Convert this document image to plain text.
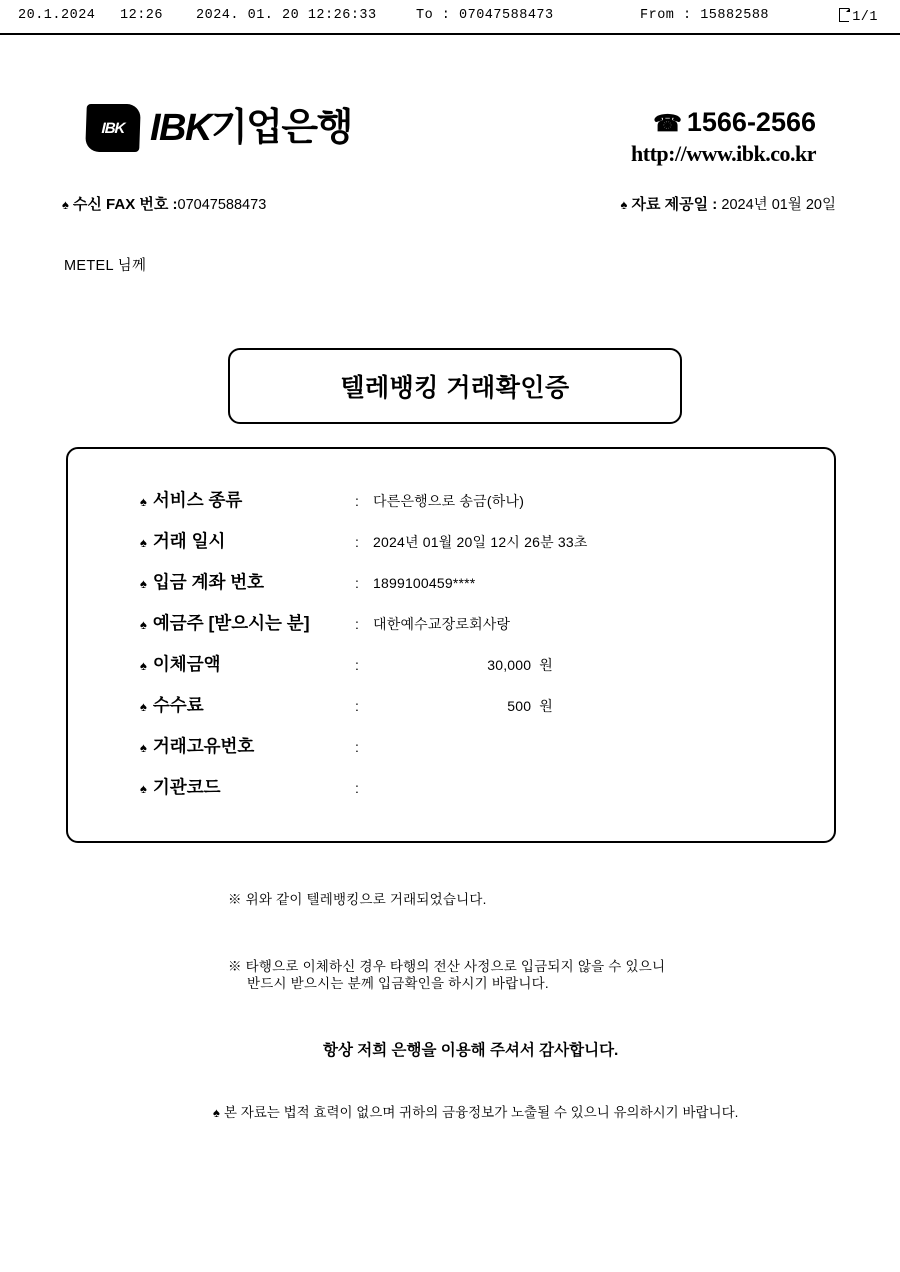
20.1.2024 12:26 2024. 01. 20 12:26:33	To : 07047588473	From : 15882588	1/1
IBK IBK기업은행	☎ 1566-2566
http://www.ibk.co.kr
♠ 수신 FAX 번호 :07047588473	♠ 자료 제공일 : 2024년 01월 20일
METEL 님께
텔레뱅킹 거래확인증
♠ 서비스 종류	:	다른은행으로 송금(하나)
♠ 거래 일시	:	2024년 01월 20일 12시 26분 33초
♠ 입금 계좌 번호	:	1899100459****
♠ 예금주 [받으시는 분]	:	대한예수교장로회사랑
♠ 이체금액	:	30,000 원
♠ 수수료	:	500 원
♠ 거래고유번호	:
♠ 기관코드	:
※ 위와 같이 텔레뱅킹으로 거래되었습니다.
※ 타행으로 이체하신 경우 타행의 전산 사정으로 입금되지 않을 수 있으니
반드시 받으시는 분께 입금확인을 하시기 바랍니다.
항상 저희 은행을 이용해 주셔서 감사합니다.
♠ 본 자료는 법적 효력이 없으며 귀하의 금융정보가 노출될 수 있으니 유의하시기 바랍니다.
